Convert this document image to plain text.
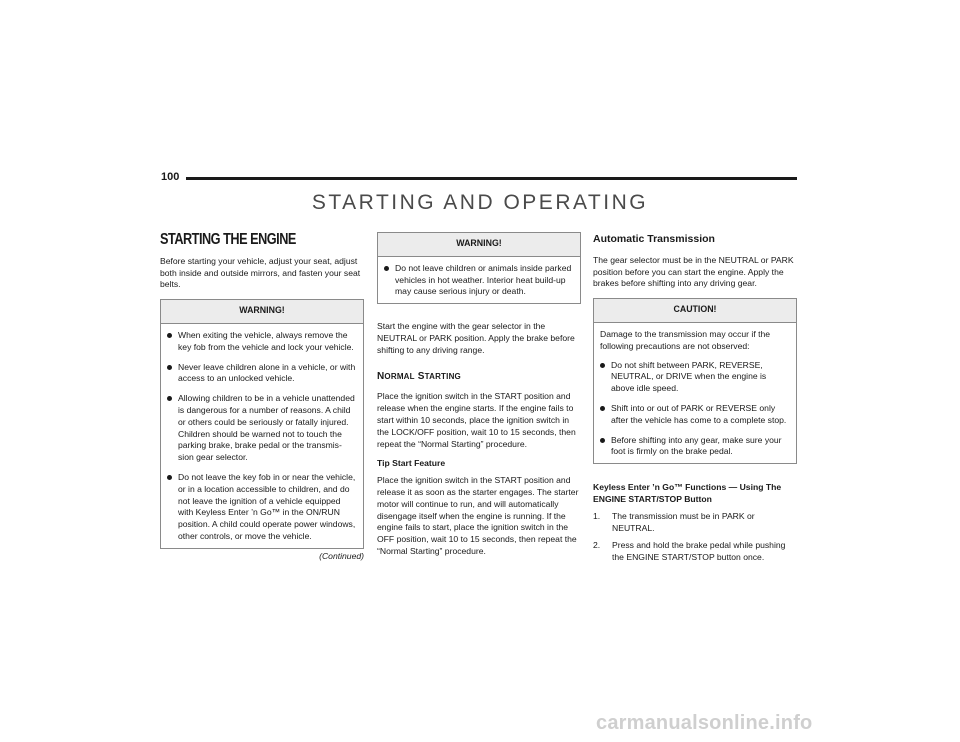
100
STARTING AND OPERATING
STARTING THE ENGINE

Before starting your vehicle, adjust your seat, adjust both inside and outside mirrors, and fasten your seat belts.

WARNING!
When exiting the vehicle, always remove the key fob from the vehicle and lock your vehicle.
Never leave children alone in a vehicle, or with access to an unlocked vehicle.
Allowing children to be in a vehicle unattended is dangerous for a number of reasons. A child or others could be seriously or fatally injured. Children should be warned not to touch the parking brake, brake pedal or the transmis-sion gear selector.
Do not leave the key fob in or near the vehicle, or in a location accessible to children, and do not leave the ignition of a vehicle equipped with Keyless Enter ’n Go™ in the ON/RUN position. A child could operate power windows, other controls, or move the vehicle.
(Continued)
WARNING!
Do not leave children or animals inside parked vehicles in hot weather. Interior heat build-up may cause serious injury or death.

Start the engine with the gear selector in the NEUTRAL or PARK position. Apply the brake before shifting to any driving range.

NORMAL STARTING

Place the ignition switch in the START position and release when the engine starts. If the engine fails to start within 10 seconds, place the ignition switch in the LOCK/OFF position, wait 10 to 15 seconds, then repeat the “Normal Starting” procedure.

Tip Start Feature

Place the ignition switch in the START position and release it as soon as the starter engages. The starter motor will continue to run, and will automatically disengage itself when the engine is running. If the engine fails to start, place the ignition switch in the OFF position, wait 10 to 15 seconds, then repeat the “Normal Starting” procedure.

Automatic Transmission

The gear selector must be in the NEUTRAL or PARK position before you can start the engine. Apply the brakes before shifting into any driving gear.

CAUTION!

Damage to the transmission may occur if the following precautions are not observed:

Do not shift between PARK, REVERSE, NEUTRAL, or DRIVE when the engine is above idle speed.
Shift into or out of PARK or REVERSE only after the vehicle has come to a complete stop.
Before shifting into any gear, make sure your foot is firmly on the brake pedal.
Keyless Enter ’n Go™ Functions — Using The ENGINE START/STOP Button
1. The transmission must be in PARK or NEUTRAL.
2. Press and hold the brake pedal while pushing the ENGINE START/STOP button once.
carmanualsonline.info
